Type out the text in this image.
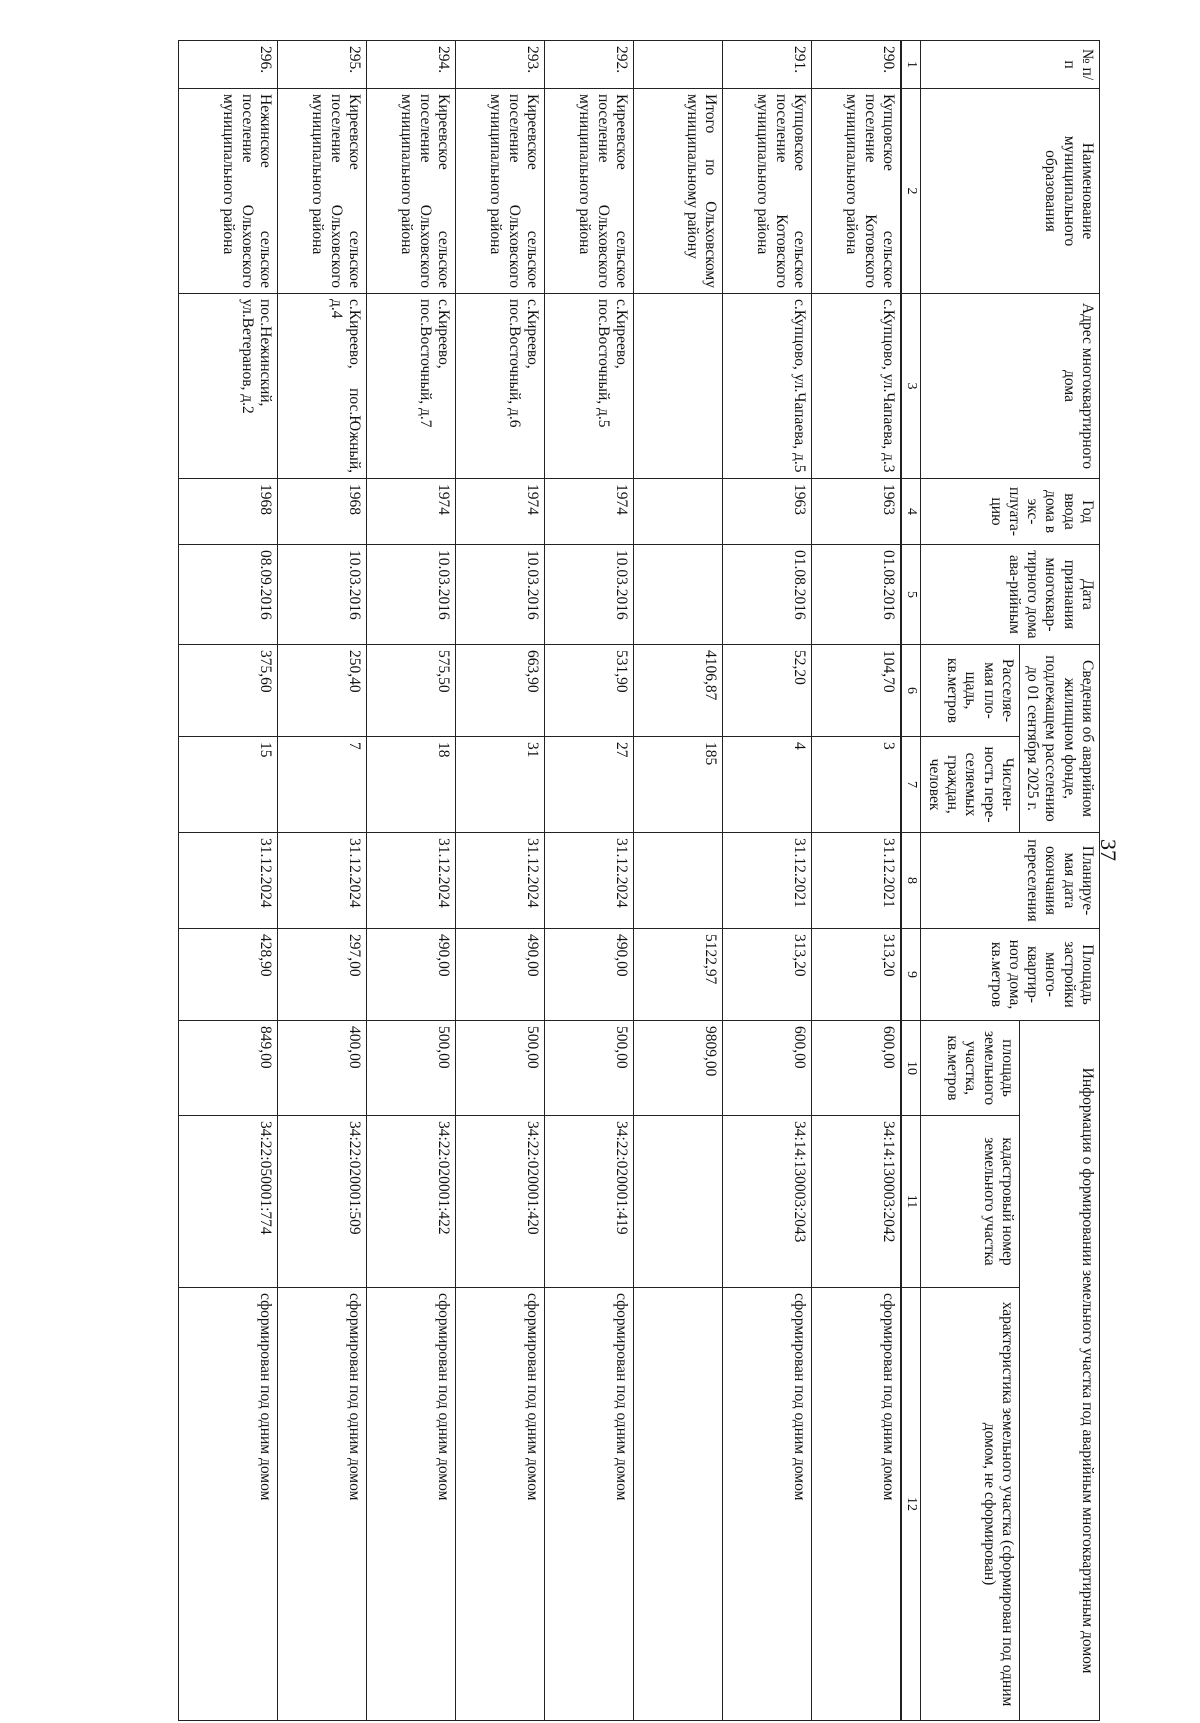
37
№ п/п	Наименование муниципального образования	Адрес многоквартирного дома	Год ввода дома в экс-плуата-цию	Дата признания многоквар-тирного дома ава-рийным	Сведения об аварийном жилищном фонде, подлежащем расселению до 01 сентября 2025 г.		Планируе-мая дата окончания переселения	Площадь застройки много-квартир-ного дома, кв.метров	Информация о формировании земельного участка под аварийным многоквартирным домом		
					Расселяе-мая пло-щадь, кв.метров	Числен-ность пере-селяемых граждан, человек			площадь земельного участка, кв.метров	кадастровый номер земельного участка	характеристика земельного участка (сформирован под одним домом, не сформирован)
1	2	3	4	5	6	7	8	9	10	11	12
290.	Купцовское сельское поселение Котовского муниципального района	с.Купцово, ул.Чапаева, д.3	1963	01.08.2016	104,70	3	31.12.2021	313,20	600,00	34:14:130003:2042	сформирован под одним домом
291.	Купцовское сельское поселение Котовского муниципального района	с.Купцово, ул.Чапаева, д.5	1963	01.08.2016	52,20	4	31.12.2021	313,20	600,00	34:14:130003:2043	сформирован под одним домом
	Итого по Ольховскому муниципальному району				4106,87	185		5122,97	9809,00		
292.	Киреевское сельское поселение Ольховского муниципального района	с.Киреево, пос.Восточный, д.5	1974	10.03.2016	531,90	27	31.12.2024	490,00	500,00	34:22:020001:419	сформирован под одним домом
293.	Киреевское сельское поселение Ольховского муниципального района	с.Киреево, пос.Восточный, д.6	1974	10.03.2016	663,90	31	31.12.2024	490,00	500,00	34:22:020001:420	сформирован под одним домом
294.	Киреевское сельское поселение Ольховского муниципального района	с.Киреево, пос.Восточный, д.7	1974	10.03.2016	575,50	18	31.12.2024	490,00	500,00	34:22:020001:422	сформирован под одним домом
295.	Киреевское сельское поселение Ольховского муниципального района	с.Киреево, пос.Южный, д.4	1968	10.03.2016	250,40	7	31.12.2024	297,00	400,00	34:22:020001:509	сформирован под одним домом
296.	Нежинское сельское поселение Ольховского муниципального района	пос.Нежинский, ул.Ветеранов, д.2	1968	08.09.2016	375,60	15	31.12.2024	428,90	849,00	34:22:050001:774	сформирован под одним домом
